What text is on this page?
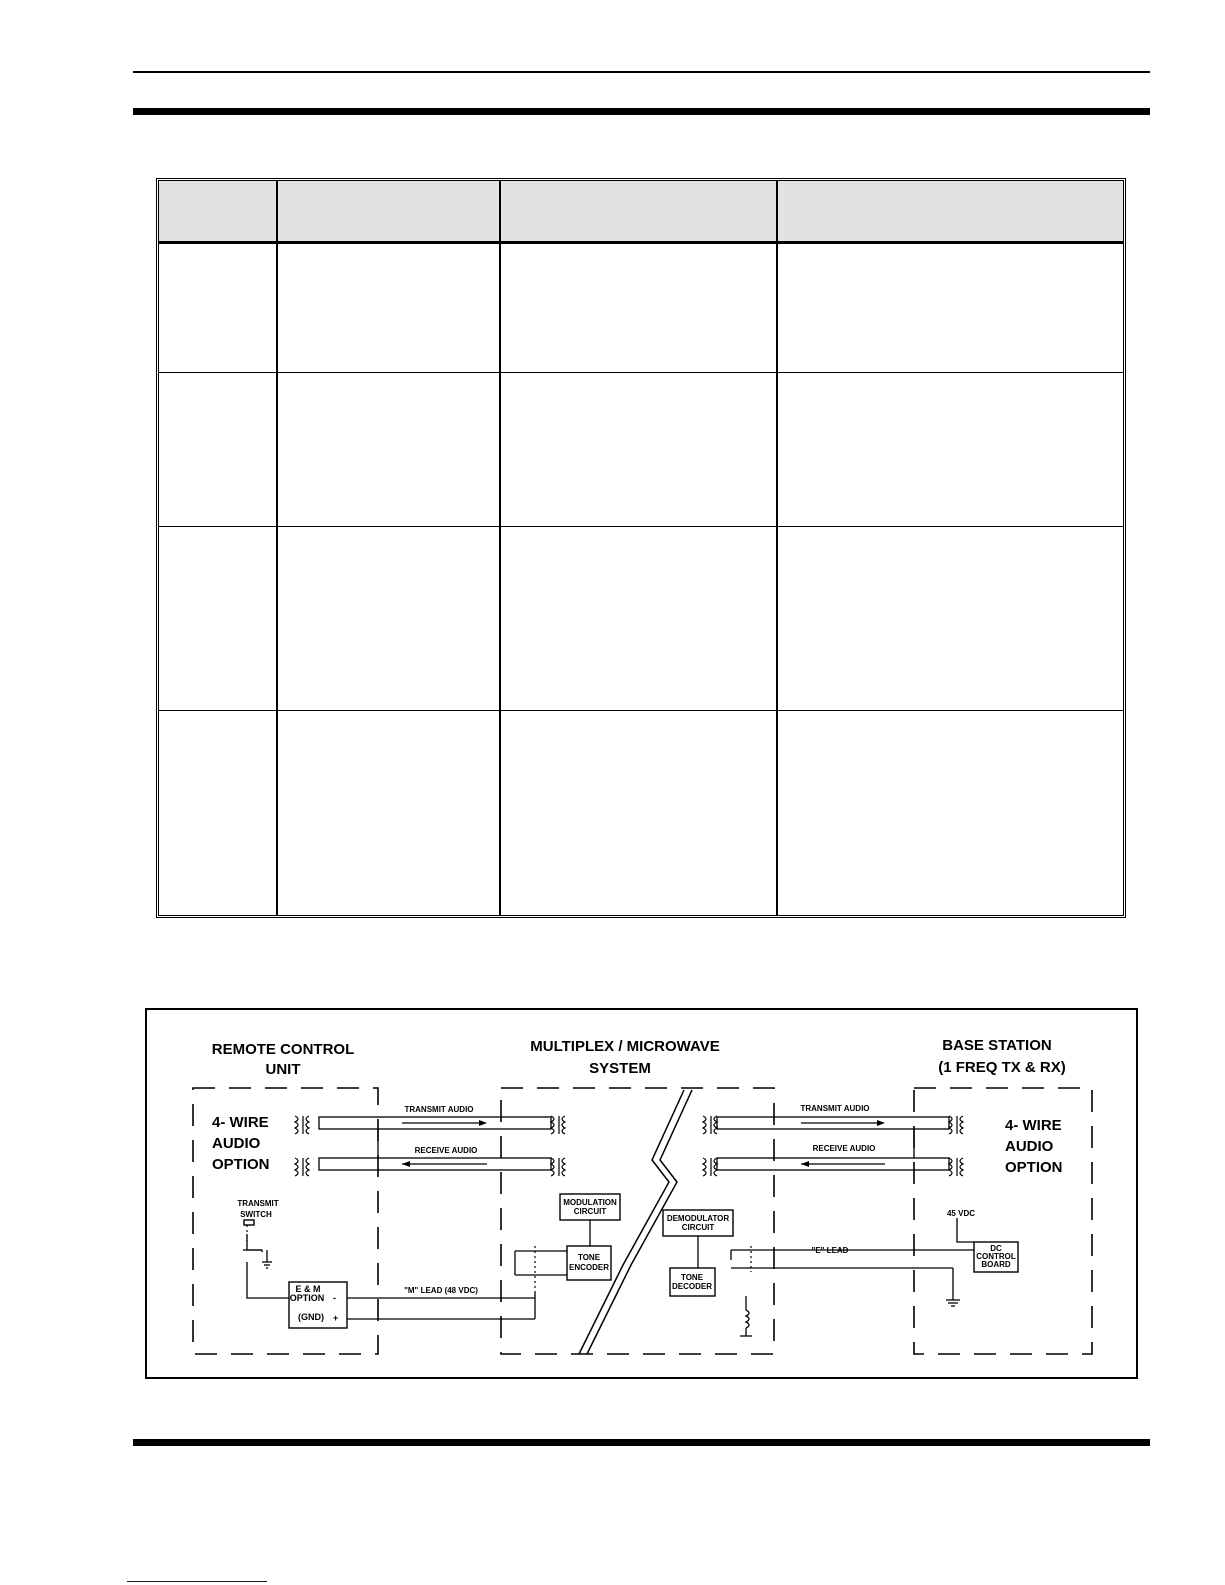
REMOTE CONTROL
UNIT
MULTIPLEX / MICROWAVE
SYSTEM
BASE STATION
(1 FREQ TX & RX)
4- WIRE
AUDIO
OPTION
4- WIRE
AUDIO
OPTION
TRANSMIT AUDIO
RECEIVE AUDIO
TRANSMIT AUDIO
RECEIVE AUDIO
TRANSMIT
SWITCH
E & M
OPTION
(GND)
-
+
"M" LEAD (48 VDC)
"E" LEAD
MODULATION
CIRCUIT
TONE
ENCODER
DEMODULATOR
CIRCUIT
TONE
DECODER
45 VDC
DC
CONTROL
BOARD
